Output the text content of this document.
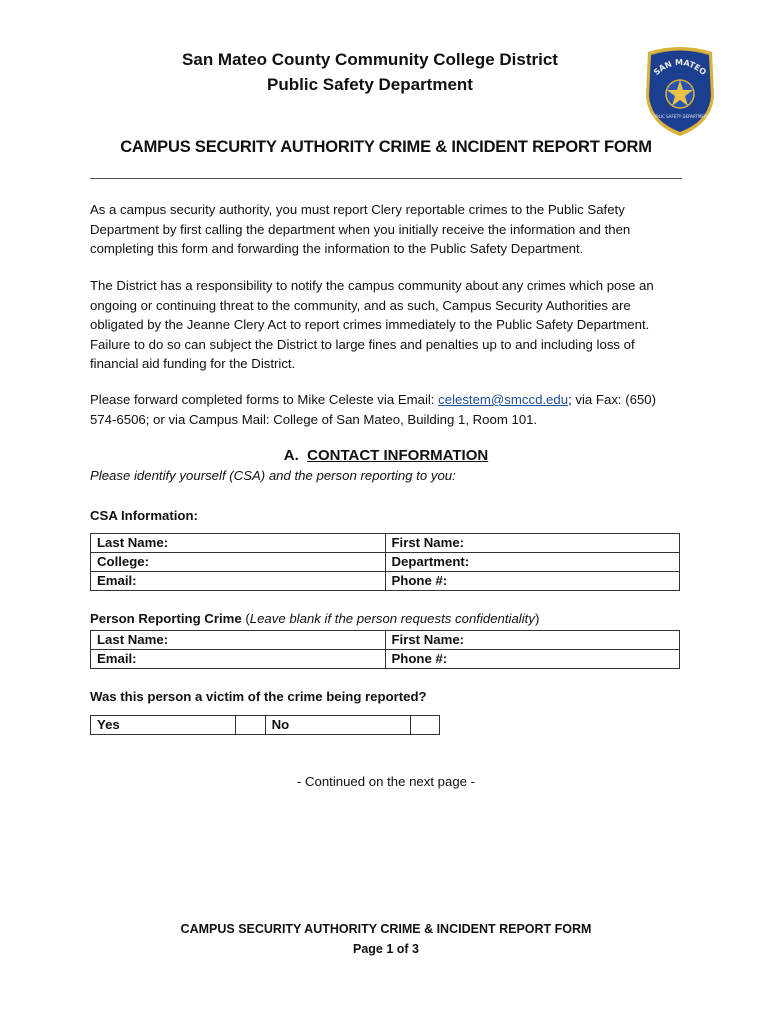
San Mateo County Community College District
Public Safety Department
SAN MATEO
PUBLIC SAFETY DEPARTMENT
CAMPUS SECURITY AUTHORITY CRIME & INCIDENT REPORT FORM
As a campus security authority, you must report Clery reportable crimes to the Public Safety Department by first calling the department when you initially receive the information and then completing this form and forwarding the information to the Public Safety Department.
The District has a responsibility to notify the campus community about any crimes which pose an ongoing or continuing threat to the community, and as such, Campus Security Authorities are obligated by the Jeanne Clery Act to report crimes immediately to the Public Safety Department. Failure to do so can subject the District to large fines and penalties up to and including loss of financial aid funding for the District.
Please forward completed forms to Mike Celeste via Email: celestem@smccd.edu; via Fax: (650) 574-6506; or via Campus Mail: College of San Mateo, Building 1, Room 101.
A. CONTACT INFORMATION
Please identify yourself (CSA) and the person reporting to you:
CSA Information:
Last Name:	First Name:
College:	Department:
Email:	Phone #:
Person Reporting Crime (Leave blank if the person requests confidentiality)
Last Name:	First Name:
Email:	Phone #:
Was this person a victim of the crime being reported?
Yes		No	
- Continued on the next page -
CAMPUS SECURITY AUTHORITY CRIME & INCIDENT REPORT FORM
Page 1 of 3
